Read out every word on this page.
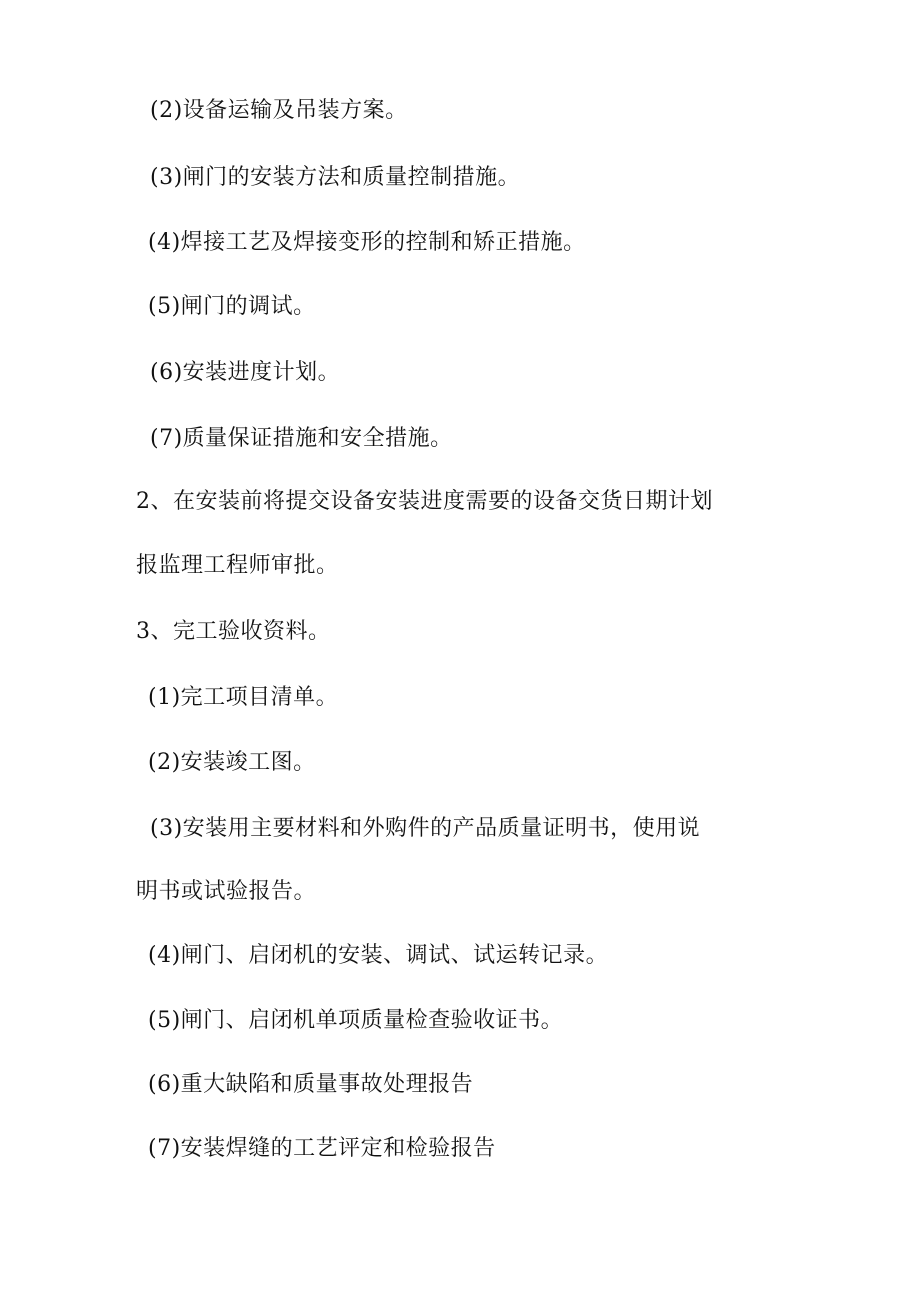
(2)设备运输及吊装方案。
(3)闸门的安装方法和质量控制措施。
(4)焊接工艺及焊接变形的控制和矫正措施。
(5)闸门的调试。
(6)安装进度计划。
(7)质量保证措施和安全措施。
2、在安装前将提交设备安装进度需要的设备交货日期计划
报监理工程师审批。
3、完工验收资料。
(1)完工项目清单。
(2)安装竣工图。
(3)安装用主要材料和外购件的产品质量证明书，使用说
明书或试验报告。
(4)闸门、启闭机的安装、调试、试运转记录。
(5)闸门、启闭机单项质量检查验收证书。
(6)重大缺陷和质量事故处理报告
(7)安装焊缝的工艺评定和检验报告
